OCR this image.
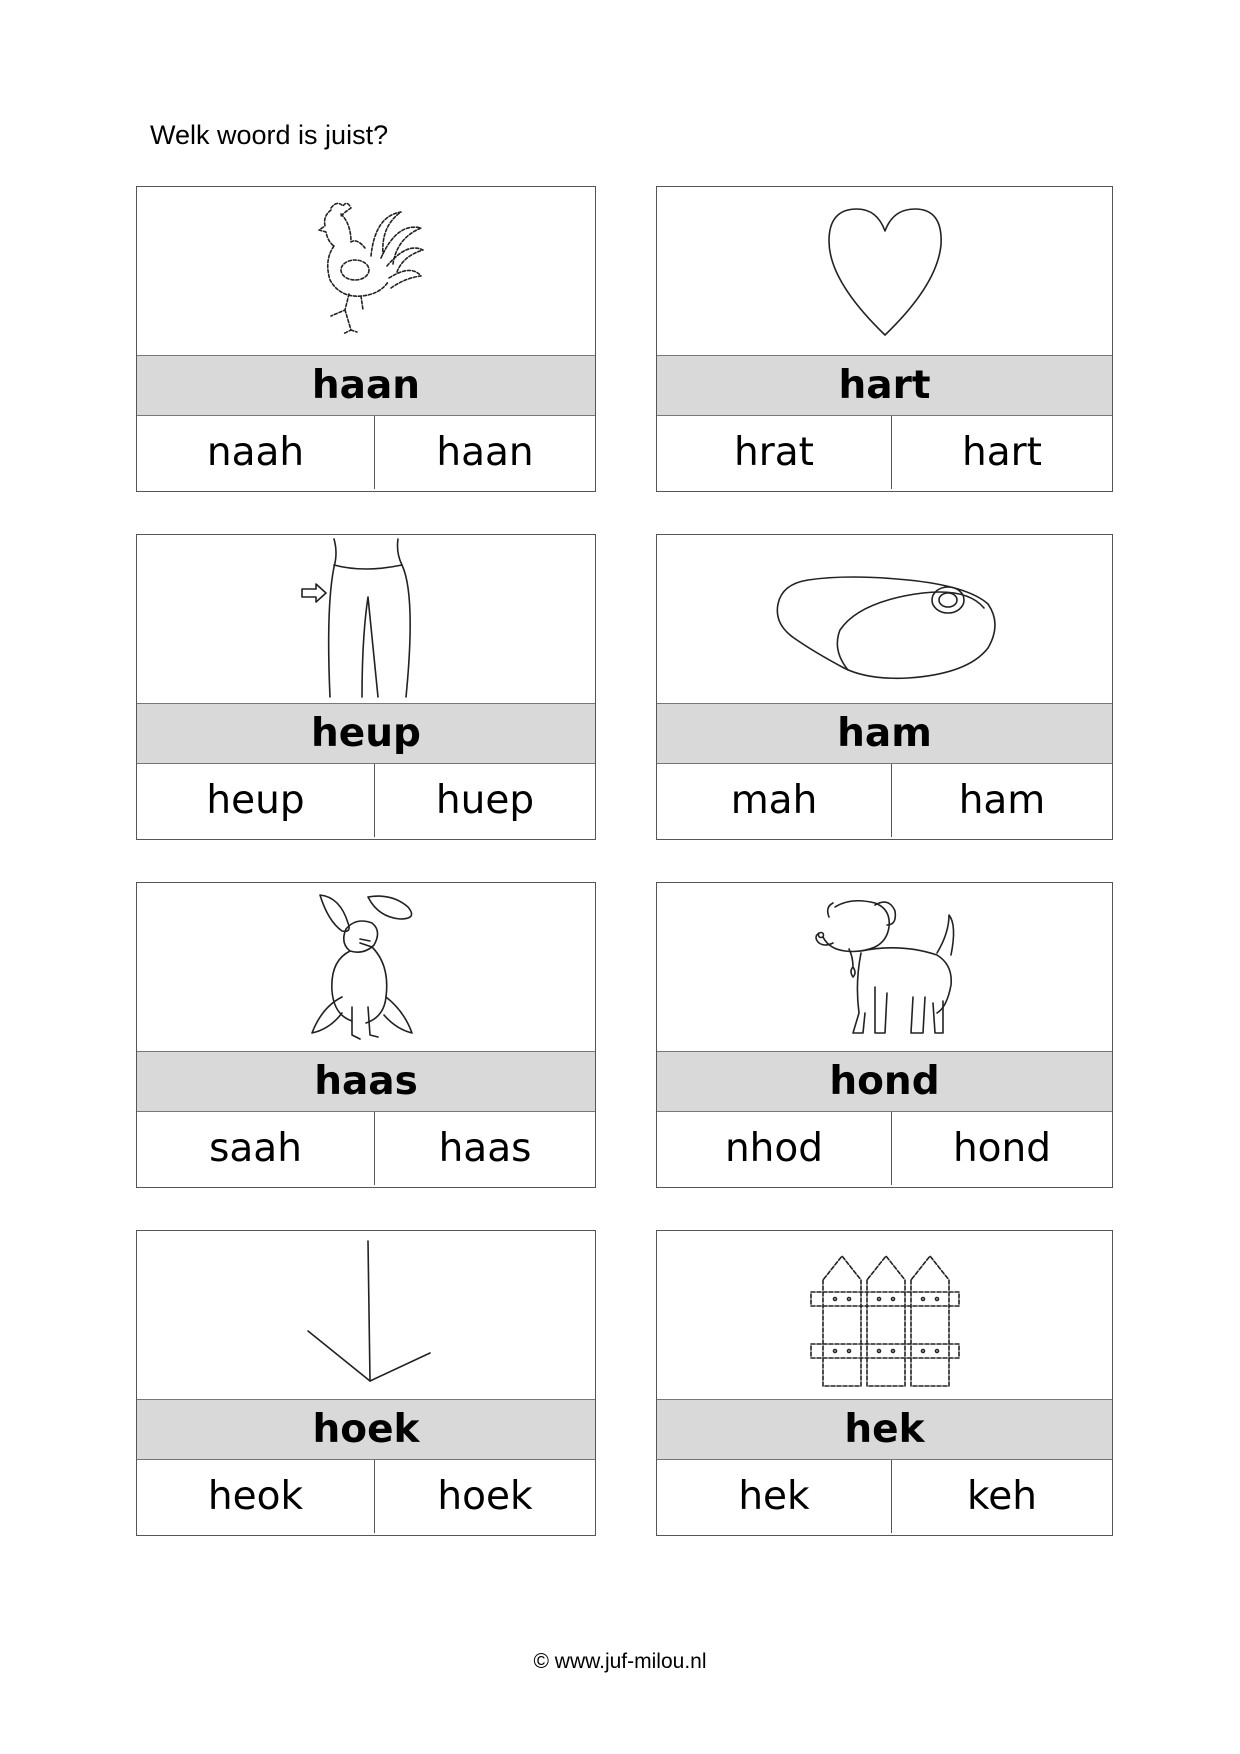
Welk woord is juist?
haan
naah	haan
hart
hrat	hart
heup
heup	huep
ham
mah	ham
haas
saah	haas
hond
nhod	hond
hoek
heok	hoek
hek
hek	keh
© www.juf-milou.nl
